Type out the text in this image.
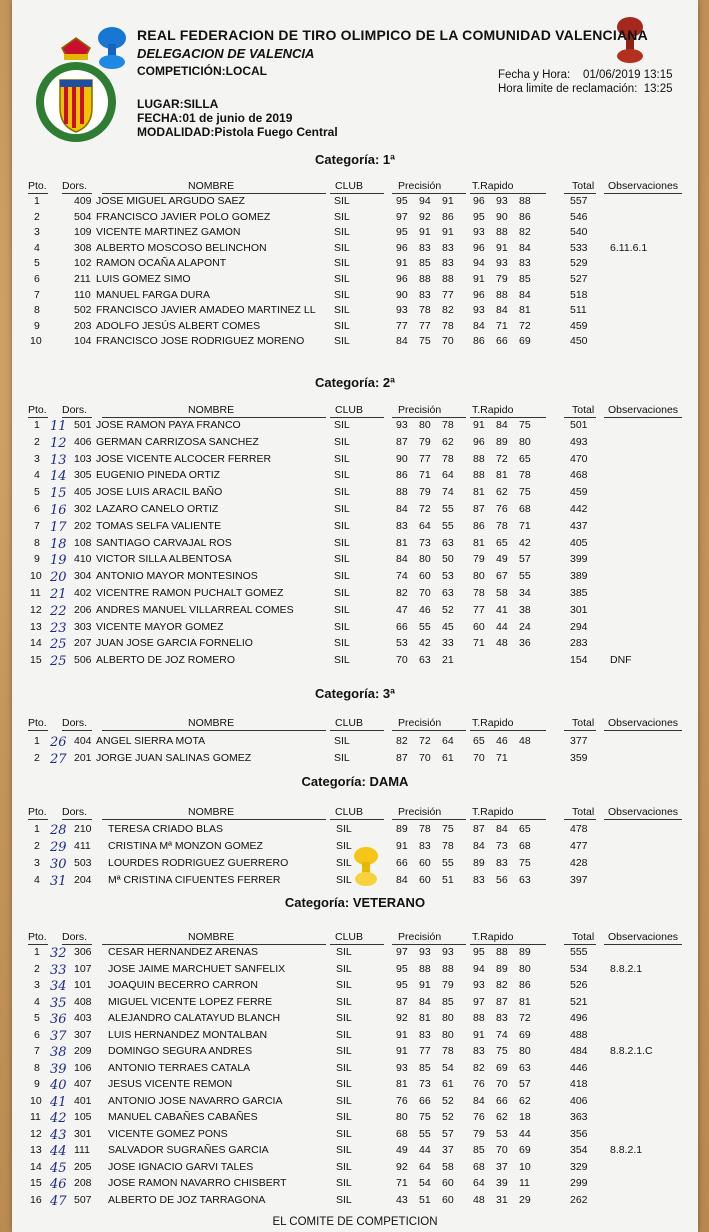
REAL FEDERACION DE TIRO OLIMPICO DE LA COMUNIDAD VALENCIANA
DELEGACION DE VALENCIA
COMPETICIÓN:LOCAL	Fecha y Hora: 01/06/2019 13:15
Hora limite de reclamación: 13:25
LUGAR:SILLA
FECHA:01 de junio de 2019
MODALIDAD:Pistola Fuego Central
Categoría: 1ª
Pto. Dors.	NOMBRE	CLUB	Precisión	T.Rapido	Total Observaciones
1	409 JOSE MIGUEL ARGUDO SAEZ	SIL	95 94 91 96 93 88	557
2	504 FRANCISCO JAVIER POLO GOMEZ	SIL	97 92 86 95 90 86	546
3	109 VICENTE MARTINEZ GAMON	SIL	95 91 91 93 88 82	540
4	308 ALBERTO MOSCOSO BELINCHON	SIL	96 83 83 96 91 84	533 6.11.6.1
5	102 RAMON OCAÑA ALAPONT	SIL	91 85 83 94 93 83	529
6	211 LUIS GOMEZ SIMO	SIL	96 88 88 91 79 85	527
7	110 MANUEL FARGA DURA	SIL	90 83 77 96 88 84	518
8	502 FRANCISCO JAVIER AMADEO MARTINEZ LL SIL	93 78 82 93 84 81	511
9	203 ADOLFO JESÚS ALBERT COMES	SIL	77 77 78 84 71 72	459
10	104 FRANCISCO JOSE RODRIGUEZ MORENO	SIL	84 75 70 86 66 69	450
Categoría: 2ª
Pto. Dors.	NOMBRE	CLUB	Precisión	T.Rapido	Total Observaciones
1 11 501 JOSE RAMON PAYA FRANCO	SIL	93 80 78 91 84 75	501
2 12 406 GERMAN CARRIZOSA SANCHEZ	SIL	87 79 62 96 89 80	493
3 13 103 JOSE VICENTE ALCOCER FERRER	SIL	90 77 78 88 72 65	470
4 14 305 EUGENIO PINEDA ORTIZ	SIL	86 71 64 88 81 78	468
5 15 405 JOSE LUIS ARACIL BAÑO	SIL	88 79 74 81 62 75	459
6 16 302 LAZARO CANELO ORTIZ	SIL	84 72 55 87 76 68	442
7 17 202 TOMAS SELFA VALIENTE	SIL	83 64 55 86 78 71	437
8 18 108 SANTIAGO CARVAJAL ROS	SIL	81 73 63 81 65 42	405
9 19 410 VICTOR SILLA ALBENTOSA	SIL	84 80 50 79 49 57	399
10 20 304 ANTONIO MAYOR MONTESINOS	SIL	74 60 53 80 67 55	389
11 21 402 VICENTRE RAMON PUCHALT GOMEZ	SIL	82 70 63 78 58 34	385
12 22 206 ANDRES MANUEL VILLARREAL COMES	SIL	47 46 52 77 41 38	301
13 23 303 VICENTE MAYOR GOMEZ	SIL	66 55 45 60 44 24	294
14 25 207 JUAN JOSE GARCIA FORNELIO	SIL	53 42 33 71 48 36	283
15 25 506 ALBERTO DE JOZ ROMERO	SIL	70 63 21	154 DNF
Categoría: 3ª
Pto. Dors.	NOMBRE	CLUB	Precisión	T.Rapido	Total Observaciones
1 26 404 ANGEL SIERRA MOTA	SIL	82 72 64 65 46 48	377
2 27 201 JORGE JUAN SALINAS GOMEZ	SIL	87 70 61 70 71	359
Categoría: DAMA
Pto. Dors.	NOMBRE	CLUB	Precisión	T.Rapido	Total Observaciones
1 28 210 TERESA CRIADO BLAS	SIL	89 78 75 87 84 65	478
2 29 411 CRISTINA Mª MONZON GOMEZ	SIL	91 83 78 84 73 68	477
3 30 503 LOURDES RODRIGUEZ GUERRERO	SIL	66 60 55 89 83 75	428
4 31 204 Mª CRISTINA CIFUENTES FERRER	SIL	84 60 51 83 56 63	397
Categoría: VETERANO
Pto. Dors.	NOMBRE	CLUB	Precisión	T.Rapido	Total Observaciones
1 32 306 CESAR HERNANDEZ ARENAS	SIL	97 93 93 95 88 89	555
2 33 107 JOSE JAIME MARCHUET SANFELIX	SIL	95 88 88 94 89 80	534 8.8.2.1
3 34 101 JOAQUIN BECERRO CARRON	SIL	95 91 79 93 82 86	526
4 35 408 MIGUEL VICENTE LOPEZ FERRE	SIL	87 84 85 97 87 81	521
5 36 403 ALEJANDRO CALATAYUD BLANCH	SIL	92 81 80 88 83 72	496
6 37 307 LUIS HERNANDEZ MONTALBAN	SIL	91 83 80 91 74 69	488
7 38 209 DOMINGO SEGURA ANDRES	SIL	91 77 78 83 75 80	484 8.8.2.1.C
8 39 106 ANTONIO TERRAES CATALA	SIL	93 85 54 82 69 63	446
9 40 407 JESUS VICENTE REMON	SIL	81 73 61 76 70 57	418
10 41 401 ANTONIO JOSE NAVARRO GARCIA	SIL	76 66 52 84 66 62	406
11 42 105 MANUEL CABAÑES CABAÑES	SIL	80 75 52 76 62 18	363
12 43 301 VICENTE GOMEZ PONS	SIL	68 55 57 79 53 44	356
13 44 111 SALVADOR SUGRAÑES GARCIA	SIL	49 44 37 85 70 69	354 8.8.2.1
14 45 205 JOSE IGNACIO GARVI TALES	SIL	92 64 58 68 37 10	329
15 46 208 JOSE RAMON NAVARRO CHISBERT	SIL	71 54 60 64 39 11	299
16 47 507 ALBERTO DE JOZ TARRAGONA	SIL	43 51 60 48 31 29	262
EL COMITE DE COMPETICION
